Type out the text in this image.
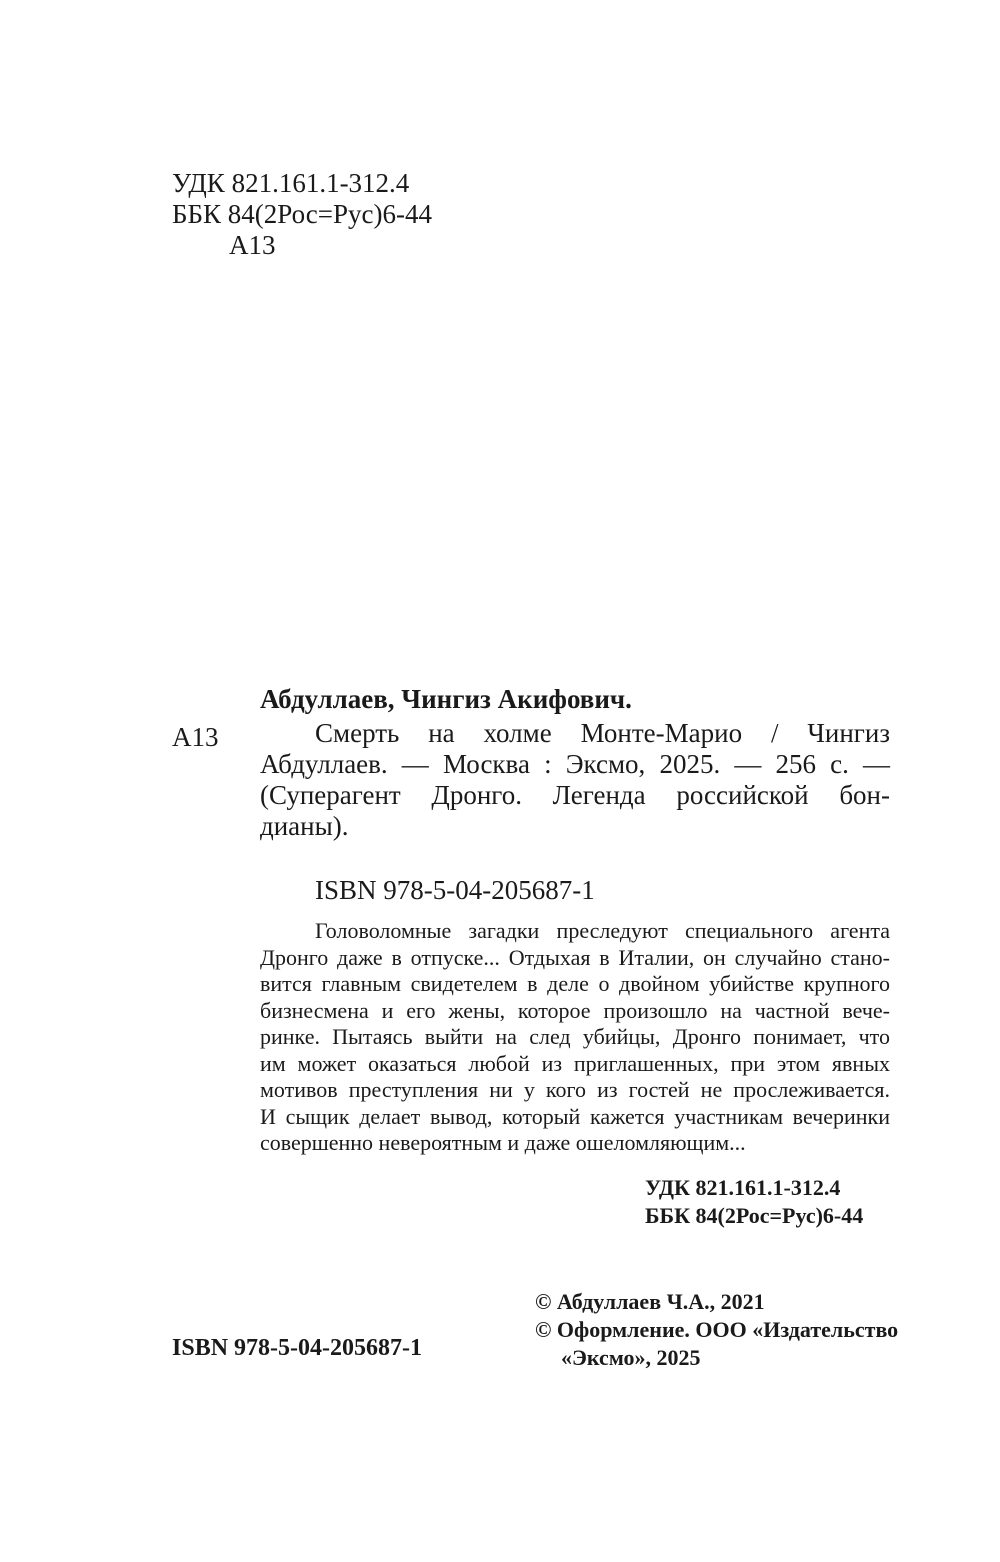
УДК 821.161.1-312.4
ББК 84(2Рос=Рус)6-44
А13
Абдуллаев, Чингиз Акифович.
А13	Смерть на холме Монте-Марио / Чингиз
Абдуллаев. — Москва : Эксмо, 2025. — 256 с. —
(Суперагент Дронго. Легенда российской бон-
дианы).
ISBN 978-5-04-205687-1
Головоломные загадки преследуют специального агента
Дронго даже в отпуске... Отдыхая в Италии, он случайно стано-
вится главным свидетелем в деле о двойном убийстве крупного
бизнесмена и его жены, которое произошло на частной вече-
ринке. Пытаясь выйти на след убийцы, Дронго понимает, что
им может оказаться любой из приглашенных, при этом явных
мотивов преступления ни у кого из гостей не прослеживается.
И сыщик делает вывод, который кажется участникам вечеринки
совершенно невероятным и даже ошеломляющим...
УДК 821.161.1-312.4
ББК 84(2Рос=Рус)6-44
© Абдуллаев Ч.А., 2021
© Оформление. ООО «Издательство
«Эксмо», 2025
ISBN 978-5-04-205687-1
